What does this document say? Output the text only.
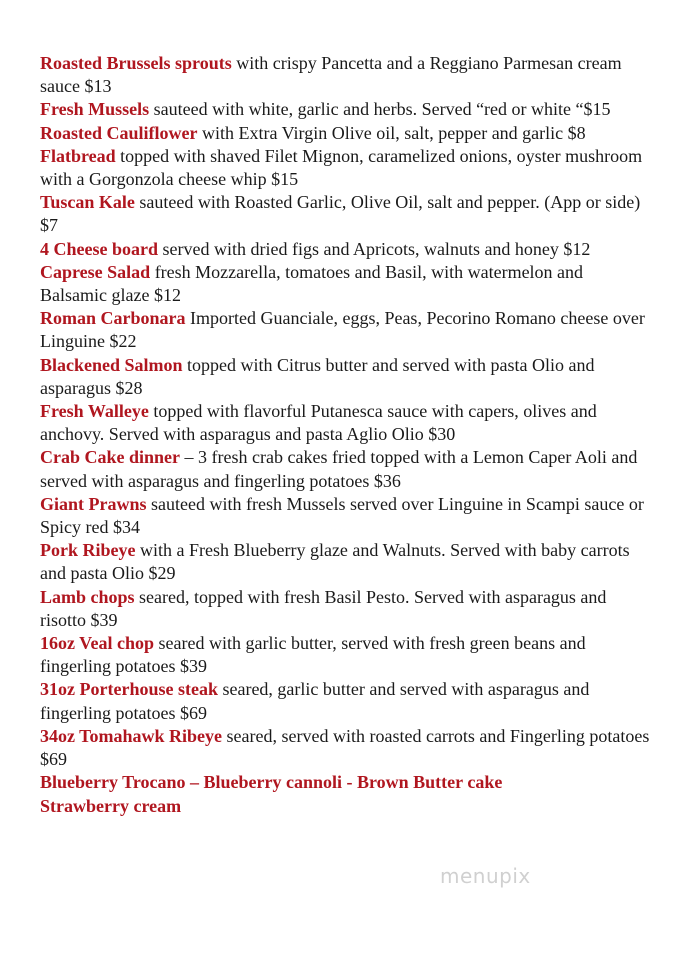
Roasted Brussels sprouts with crispy Pancetta and a Reggiano Parmesan cream sauce $13

Fresh Mussels sauteed with white, garlic and herbs. Served “red or white “$15

Roasted Cauliflower with Extra Virgin Olive oil, salt, pepper and garlic $8

Flatbread topped with shaved Filet Mignon, caramelized onions, oyster mushroom with a Gorgonzola cheese whip $15

Tuscan Kale sauteed with Roasted Garlic, Olive Oil, salt and pepper. (App or side) $7

4 Cheese board served with dried figs and Apricots, walnuts and honey $12

Caprese Salad fresh Mozzarella, tomatoes and Basil, with watermelon and Balsamic glaze $12

Roman Carbonara Imported Guanciale, eggs, Peas, Pecorino Romano cheese over Linguine $22

Blackened Salmon topped with Citrus butter and served with pasta Olio and asparagus $28

Fresh Walleye topped with flavorful Putanesca sauce with capers, olives and anchovy. Served with asparagus and pasta Aglio Olio $30

Crab Cake dinner – 3 fresh crab cakes fried topped with a Lemon Caper Aoli and served with asparagus and fingerling potatoes $36

Giant Prawns sauteed with fresh Mussels served over Linguine in Scampi sauce or Spicy red $34

Pork Ribeye with a Fresh Blueberry glaze and Walnuts. Served with baby carrots and pasta Olio $29

Lamb chops seared, topped with fresh Basil Pesto. Served with asparagus and risotto $39

16oz Veal chop seared with garlic butter, served with fresh green beans and fingerling potatoes $39

31oz Porterhouse steak seared, garlic butter and served with asparagus and fingerling potatoes $69

34oz Tomahawk Ribeye seared, served with roasted carrots and Fingerling potatoes $69

Blueberry Trocano – Blueberry cannoli - Brown Butter cake

Strawberry cream

menupix
